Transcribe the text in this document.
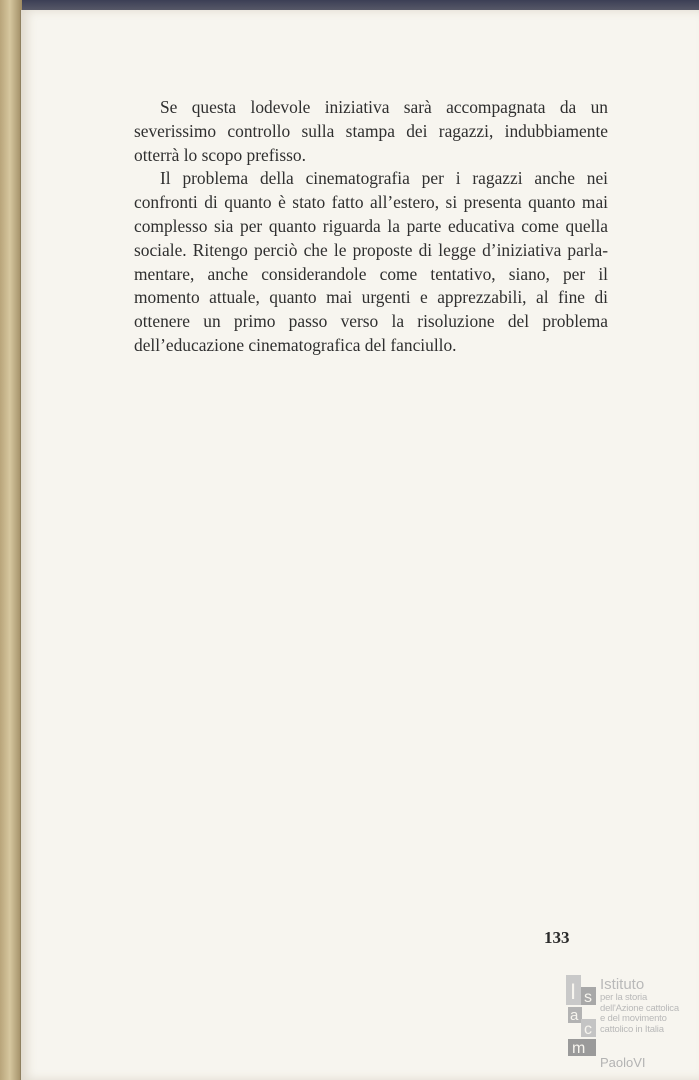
Se questa lodevole iniziativa sarà accompagnata da un severissimo controllo sulla stampa dei ragazzi, indubbiamente otterrà lo scopo prefisso.

Il problema della cinematografia per i ragazzi anche nei confronti di quanto è stato fatto all’estero, si presenta quanto mai complesso sia per quanto riguarda la parte educativa come quella sociale. Ritengo perciò che le proposte di legge d’iniziativa parlamentare, anche considerandole come tentativo, siano, per il momento attuale, quanto mai urgenti e apprezzabili, al fine di ottenere un primo passo verso la risoluzione del problema dell’educazione cinematografica del fanciullo.

133
I s
a
c
m
Istituto
per la storia
dell'Azione cattolica
e del movimento
cattolico in Italia
PaoloVI
